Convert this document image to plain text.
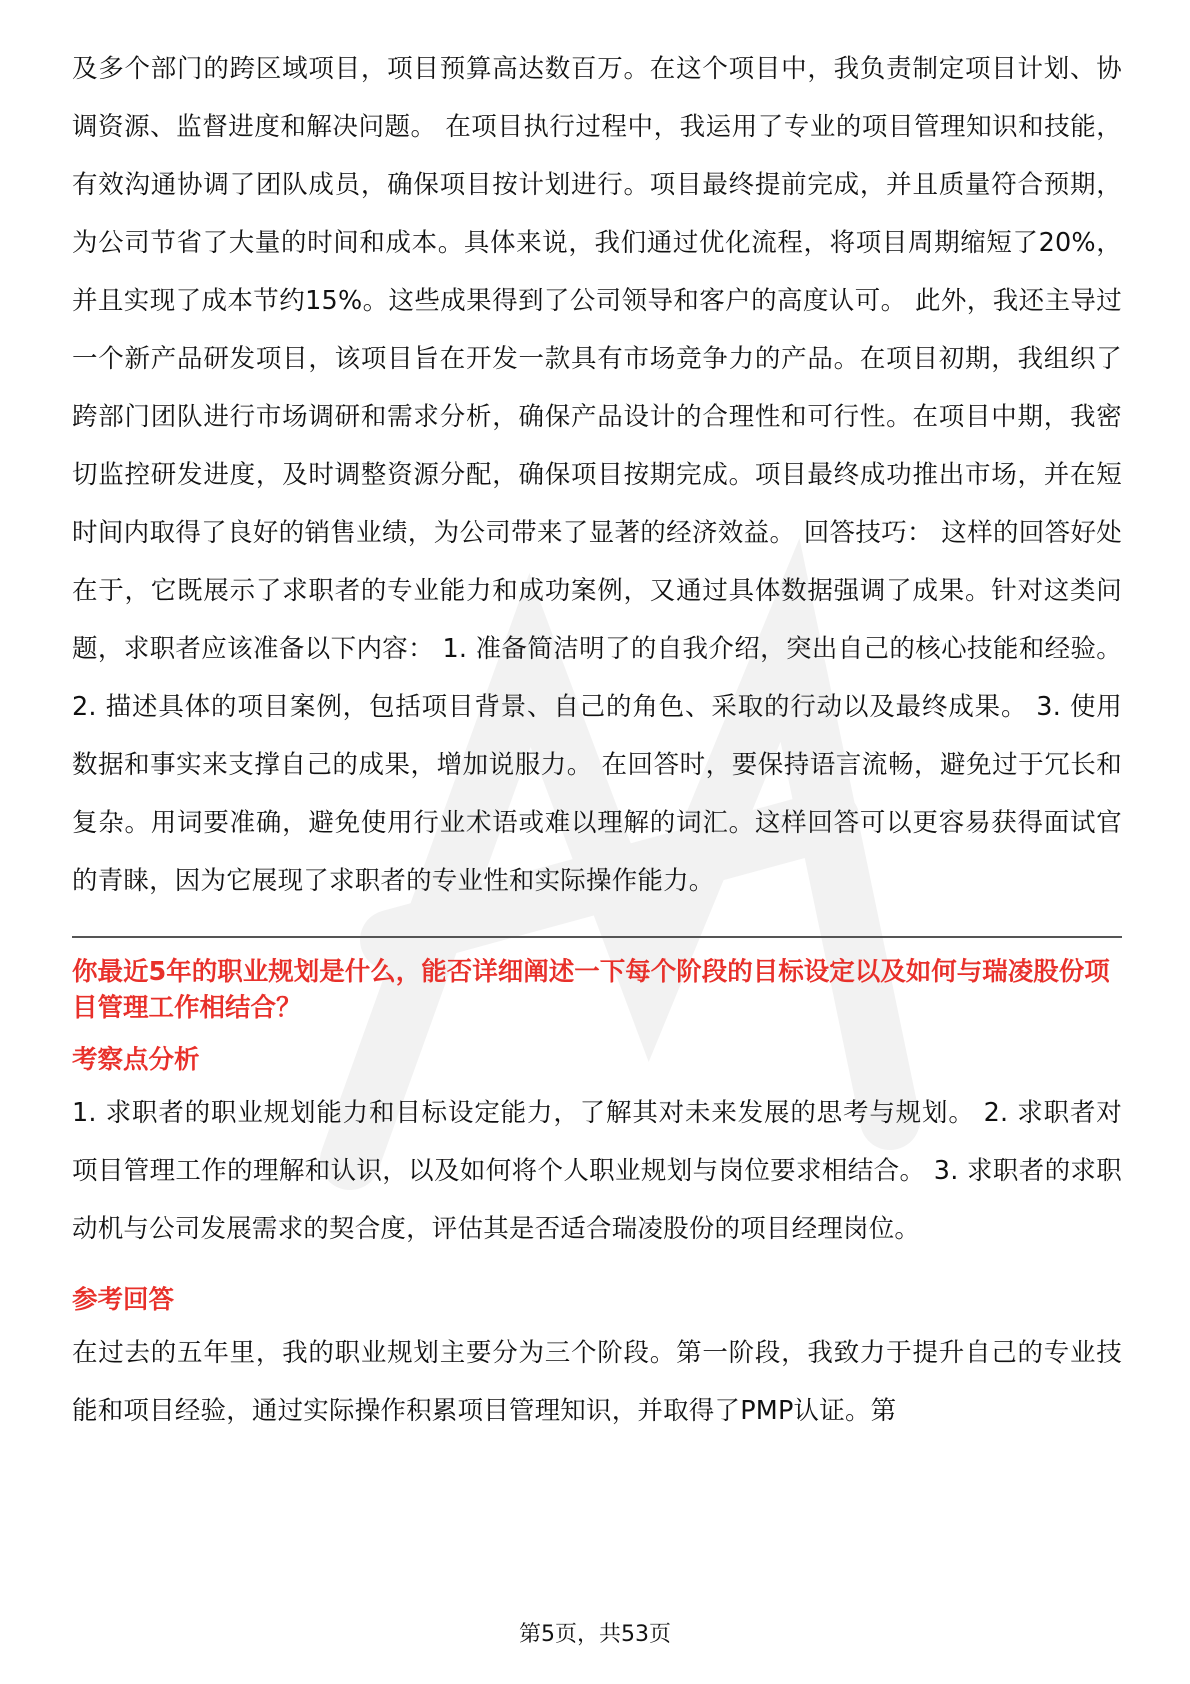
及多个部门的跨区域项目，项目预算高达数百万。在这个项目中，我负责制定项目计划、协调资源、监督进度和解决问题。 在项目执行过程中，我运用了专业的项目管理知识和技能，有效沟通协调了团队成员，确保项目按计划进行。项目最终提前完成，并且质量符合预期，为公司节省了大量的时间和成本。具体来说，我们通过优化流程，将项目周期缩短了20%，并且实现了成本节约15%。这些成果得到了公司领导和客户的高度认可。 此外，我还主导过一个新产品研发项目，该项目旨在开发一款具有市场竞争力的产品。在项目初期，我组织了跨部门团队进行市场调研和需求分析，确保产品设计的合理性和可行性。在项目中期，我密切监控研发进度，及时调整资源分配，确保项目按期完成。项目最终成功推出市场，并在短时间内取得了良好的销售业绩，为公司带来了显著的经济效益。 回答技巧： 这样的回答好处在于，它既展示了求职者的专业能力和成功案例，又通过具体数据强调了成果。针对这类问题，求职者应该准备以下内容： 1. 准备简洁明了的自我介绍，突出自己的核心技能和经验。 2. 描述具体的项目案例，包括项目背景、自己的角色、采取的行动以及最终成果。 3. 使用数据和事实来支撑自己的成果，增加说服力。 在回答时，要保持语言流畅，避免过于冗长和复杂。用词要准确，避免使用行业术语或难以理解的词汇。这样回答可以更容易获得面试官的青睐，因为它展现了求职者的专业性和实际操作能力。

你最近5年的职业规划是什么，能否详细阐述一下每个阶段的目标设定以及如何与瑞凌股份项目管理工作相结合？

考察点分析

1. 求职者的职业规划能力和目标设定能力，了解其对未来发展的思考与规划。 2. 求职者对项目管理工作的理解和认识，以及如何将个人职业规划与岗位要求相结合。 3. 求职者的求职动机与公司发展需求的契合度，评估其是否适合瑞凌股份的项目经理岗位。

参考回答

在过去的五年里，我的职业规划主要分为三个阶段。第一阶段，我致力于提升自己的专业技能和项目经验，通过实际操作积累项目管理知识，并取得了PMP认证。第

第5页，共53页
